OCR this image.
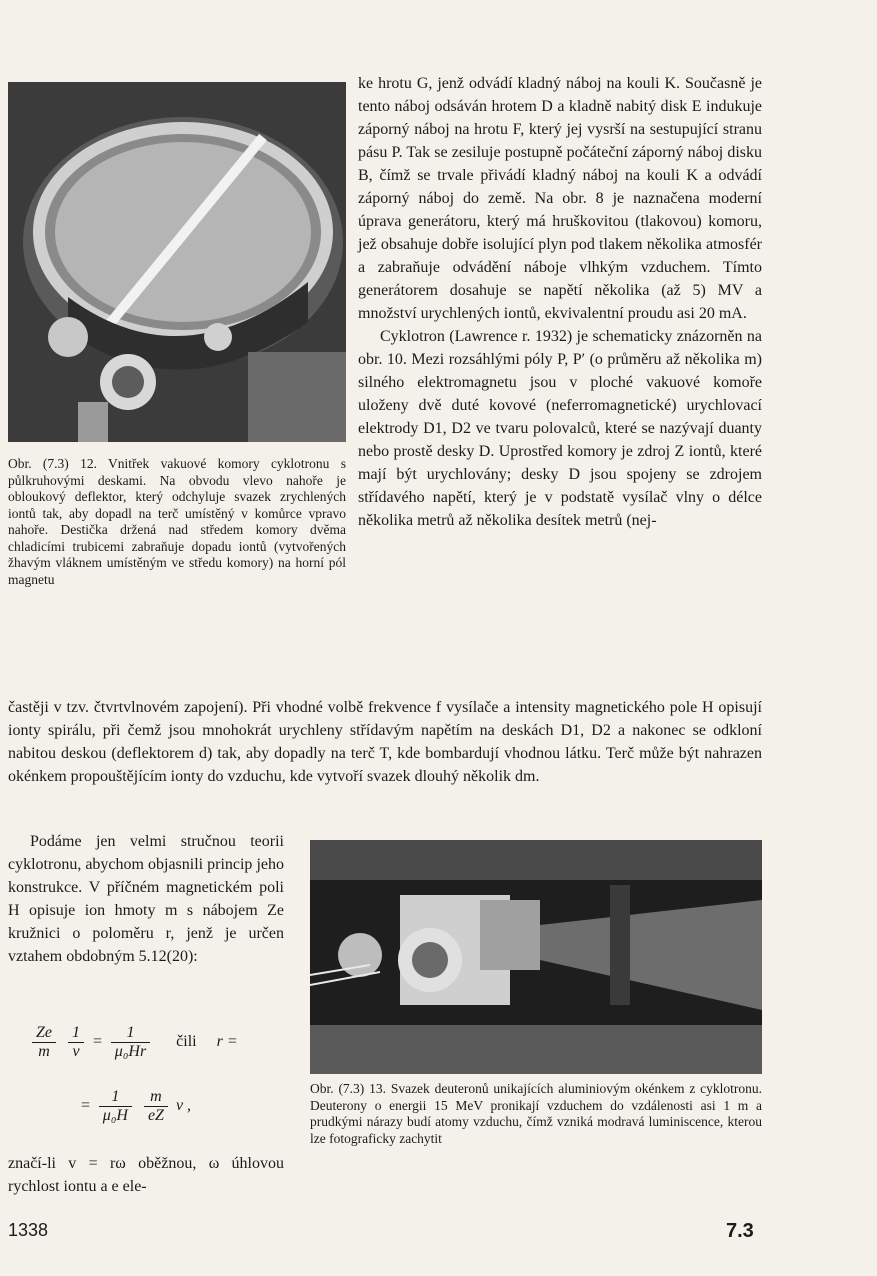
Obr. (7.3) 12. Vnitřek vakuové komory cyklotronu s půlkruhovými deskami. Na obvodu vlevo nahoře je obloukový deflektor, který odchyluje svazek zrychlených iontů tak, aby dopadl na terč umístěný v komůrce vpravo nahoře. Destička držená nad středem komory dvěma chladicími trubicemi zabraňuje dopadu iontů (vytvořených žhavým vláknem umístěným ve středu komory) na horní pól magnetu

ke hrotu G, jenž odvádí kladný náboj na kouli K. Současně je tento náboj odsáván hrotem D a kladně nabitý disk E indukuje záporný náboj na hrotu F, který jej vysrší na sestupující stranu pásu P. Tak se zesiluje postupně počáteční záporný náboj disku B, čímž se trvale přivádí kladný náboj na kouli K a odvádí záporný náboj do země. Na obr. 8 je naznačena moderní úprava generátoru, který má hruškovitou (tlakovou) komoru, jež obsahuje dobře isolující plyn pod tlakem několika atmosfér a zabraňuje odvádění náboje vlhkým vzduchem. Tímto generátorem dosahuje se napětí několika (až 5) MV a množství urychlených iontů, ekvivalentní proudu asi 20 mA.

Cyklotron (Lawrence r. 1932) je schematicky znázorněn na obr. 10. Mezi rozsáhlými póly P, P′ (o průměru až několika m) silného elektromagnetu jsou v ploché vakuové komoře uloženy dvě duté kovové (neferromagnetické) urychlovací elektrody D1, D2 ve tvaru polovalců, které se nazývají duanty nebo prostě desky D. Uprostřed komory je zdroj Z iontů, které mají být urychlovány; desky D jsou spojeny se zdrojem střídavého napětí, který je v podstatě vysílač vlny o délce několika metrů až několika desítek metrů (nej-

častěji v tzv. čtvrtvlnovém zapojení). Při vhodné volbě frekvence f vysílače a intensity magnetického pole H opisují ionty spirálu, při čemž jsou mnohokrát urychleny střídavým napětím na deskách D1, D2 a nakonec se odkloní nabitou deskou (deflektorem d) tak, aby dopadly na terč T, kde bombardují vhodnou látku. Terč může být nahrazen okénkem propouštějícím ionty do vzduchu, kde vytvoří svazek dlouhý několik dm.
Podáme jen velmi stručnou teorii cyklotronu, abychom objasnili princip jeho konstrukce. V příčném magnetickém poli H opisuje ion hmoty m s nábojem Ze kružnici o poloměru r, jenž je určen vztahem obdobným 5.12(20):
Obr. (7.3) 13. Svazek deuteronů unikajících aluminiovým okénkem z cyklotronu. Deuterony o energii 15 MeV pronikají vzduchem do vzdálenosti asi 1 m a prudkými nárazy budí atomy vzduchu, čímž vzniká modravá luminiscence, kterou lze fotograficky zachytit
$\frac{Ze}{m}$
$\frac{1}{v} = \frac{1}{\text{μ₀Hr}}$ čili r =
= $\frac{1}{\text{μ₀H}}$
$\frac{m}{eZ}$ v ,
značí-li v = rω oběžnou, ω úhlovou rychlost iontu a e ele-
1338	7.3
